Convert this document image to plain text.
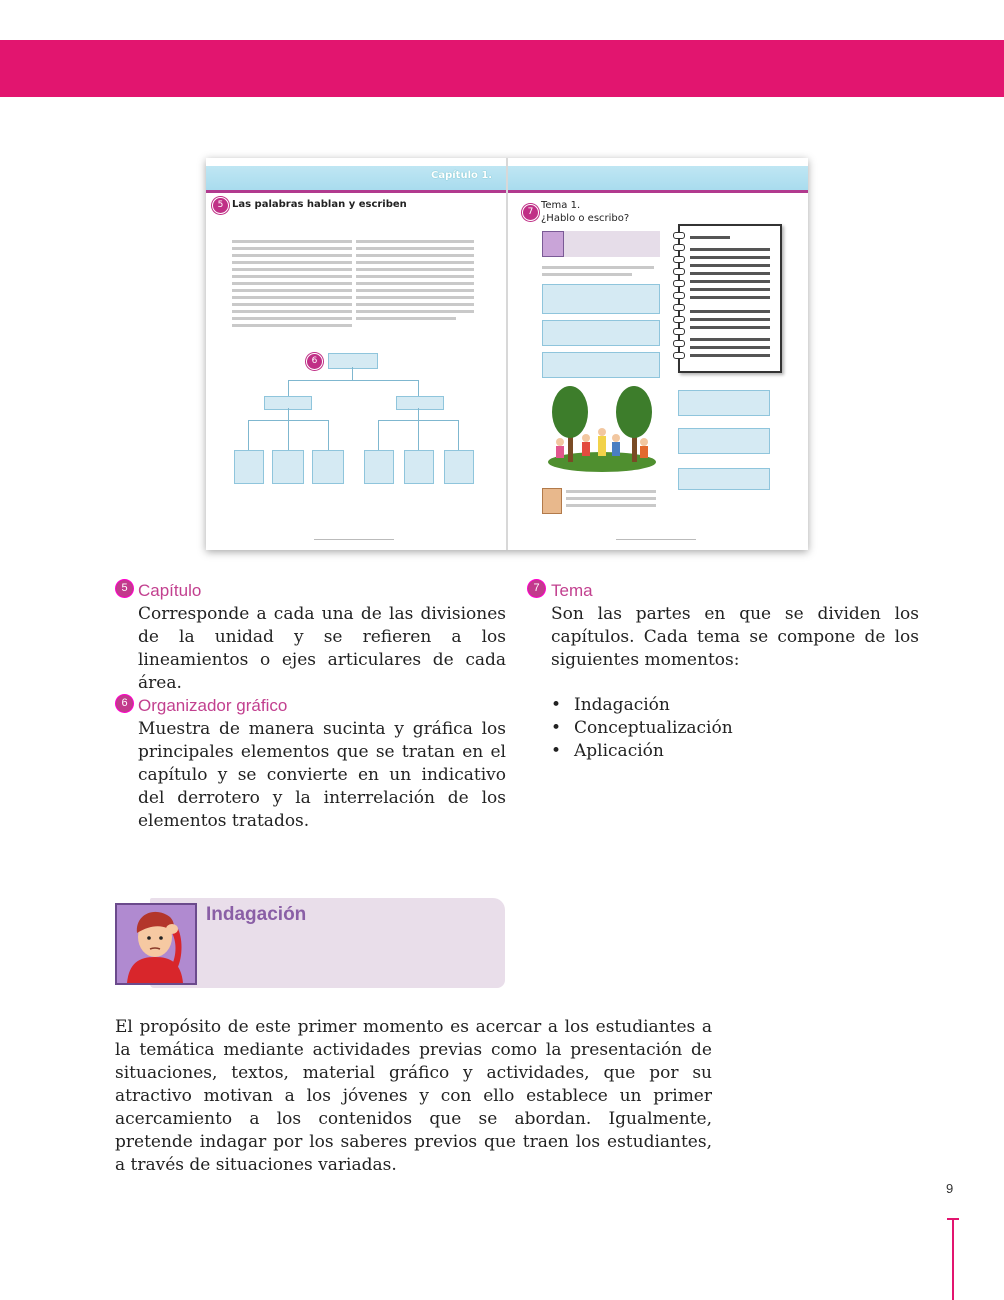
Capítulo 1.
5 Las palabras hablan y escriben
6
7
Tema 1.
¿Hablo o escribo?
5 Capítulo
Corresponde a cada una de las divisiones de la unidad y se refieren a los lineamientos o ejes articulares de cada área.
6 Organizador gráfico
Muestra de manera sucinta y gráfica los principales elementos que se tratan en el capítulo y se convierte en un indicativo del derrotero y la interrelación de los elementos tratados.
7 Tema
Son las partes en que se dividen los capítulos. Cada tema se compone de los siguientes momentos:
• Indagación
• Conceptualización
• Aplicación
Indagación
El propósito de este primer momento es acercar a los estudiantes a la temática mediante actividades previas como la presentación de situaciones, textos, material gráfico y actividades, que por su atractivo motivan a los jóvenes y con ello establece un primer acercamiento a los contenidos que se abordan. Igualmente, pretende indagar por los saberes previos que traen los estudiantes, a través de situaciones variadas.
9
